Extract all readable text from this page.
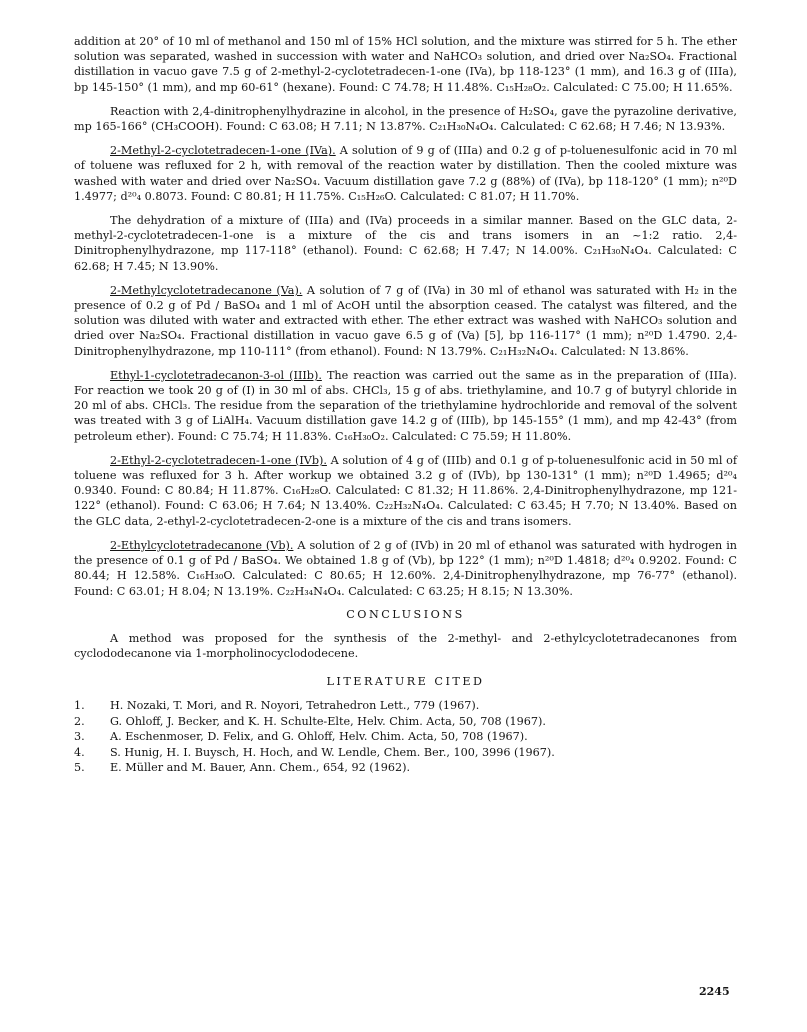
addition at 20° of 10 ml of methanol and 150 ml of 15% HCl solution, and the mixture was stirred for 5 h. The ether solution was separated, washed in succession with water and NaHCO₃ solution, and dried over Na₂SO₄. Fractional distillation in vacuo gave 7.5 g of 2-methyl-2-cyclotetradecen-1-one (IVa), bp 118-123° (1 mm), and 16.3 g of (IIIa), bp 145-150° (1 mm), and mp 60-61° (hexane). Found: C 74.78; H 11.48%. C₁₅H₂₈O₂. Calculated: C 75.00; H 11.65%.

Reaction with 2,4-dinitrophenylhydrazine in alcohol, in the presence of H₂SO₄, gave the pyrazoline derivative, mp 165-166° (CH₃COOH). Found: C 63.08; H 7.11; N 13.87%. C₂₁H₃₀N₄O₄. Calculated: C 62.68; H 7.46; N 13.93%.

2-Methyl-2-cyclotetradecen-1-one (IVa). A solution of 9 g of (IIIa) and 0.2 g of p-toluenesulfonic acid in 70 ml of toluene was refluxed for 2 h, with removal of the reaction water by distillation. Then the cooled mixture was washed with water and dried over Na₂SO₄. Vacuum distillation gave 7.2 g (88%) of (IVa), bp 118-120° (1 mm); n²⁰D 1.4977; d²⁰₄ 0.8073. Found: C 80.81; H 11.75%. C₁₅H₂₆O. Calculated: C 81.07; H 11.70%.

The dehydration of a mixture of (IIIa) and (IVa) proceeds in a similar manner. Based on the GLC data, 2-methyl-2-cyclotetradecen-1-one is a mixture of the cis and trans isomers in an ~1:2 ratio. 2,4-Dinitrophenylhydrazone, mp 117-118° (ethanol). Found: C 62.68; H 7.47; N 14.00%. C₂₁H₃₀N₄O₄. Calculated: C 62.68; H 7.45; N 13.90%.

2-Methylcyclotetradecanone (Va). A solution of 7 g of (IVa) in 30 ml of ethanol was saturated with H₂ in the presence of 0.2 g of Pd / BaSO₄ and 1 ml of AcOH until the absorption ceased. The catalyst was filtered, and the solution was diluted with water and extracted with ether. The ether extract was washed with NaHCO₃ solution and dried over Na₂SO₄. Fractional distillation in vacuo gave 6.5 g of (Va) [5], bp 116-117° (1 mm); n²⁰D 1.4790. 2,4-Dinitrophenylhydrazone, mp 110-111° (from ethanol). Found: N 13.79%. C₂₁H₃₂N₄O₄. Calculated: N 13.86%.

Ethyl-1-cyclotetradecanon-3-ol (IIIb). The reaction was carried out the same as in the preparation of (IIIa). For reaction we took 20 g of (I) in 30 ml of abs. CHCl₃, 15 g of abs. triethylamine, and 10.7 g of butyryl chloride in 20 ml of abs. CHCl₃. The residue from the separation of the triethylamine hydrochloride and removal of the solvent was treated with 3 g of LiAlH₄. Vacuum distillation gave 14.2 g of (IIIb), bp 145-155° (1 mm), and mp 42-43° (from petroleum ether). Found: C 75.74; H 11.83%. C₁₆H₃₀O₂. Calculated: C 75.59; H 11.80%.

2-Ethyl-2-cyclotetradecen-1-one (IVb). A solution of 4 g of (IIIb) and 0.1 g of p-toluenesulfonic acid in 50 ml of toluene was refluxed for 3 h. After workup we obtained 3.2 g of (IVb), bp 130-131° (1 mm); n²⁰D 1.4965; d²⁰₄ 0.9340. Found: C 80.84; H 11.87%. C₁₆H₂₈O. Calculated: C 81.32; H 11.86%. 2,4-Dinitrophenylhydrazone, mp 121-122° (ethanol). Found: C 63.06; H 7.64; N 13.40%. C₂₂H₃₂N₄O₄. Calculated: C 63.45; H 7.70; N 13.40%. Based on the GLC data, 2-ethyl-2-cyclotetradecen-2-one is a mixture of the cis and trans isomers.

2-Ethylcyclotetradecanone (Vb). A solution of 2 g of (IVb) in 20 ml of ethanol was saturated with hydrogen in the presence of 0.1 g of Pd / BaSO₄. We obtained 1.8 g of (Vb), bp 122° (1 mm); n²⁰D 1.4818; d²⁰₄ 0.9202. Found: C 80.44; H 12.58%. C₁₆H₃₀O. Calculated: C 80.65; H 12.60%. 2,4-Dinitrophenylhydrazone, mp 76-77° (ethanol). Found: C 63.01; H 8.04; N 13.19%. C₂₂H₃₄N₄O₄. Calculated: C 63.25; H 8.15; N 13.30%.

CONCLUSIONS

A method was proposed for the synthesis of the 2-methyl- and 2-ethylcyclotetradecanones from cyclododecanone via 1-morpholinocyclododecene.

LITERATURE CITED
1.	H. Nozaki, T. Mori, and R. Noyori, Tetrahedron Lett., 779 (1967).
2.	G. Ohloff, J. Becker, and K. H. Schulte-Elte, Helv. Chim. Acta, 50, 708 (1967).
3.	A. Eschenmoser, D. Felix, and G. Ohloff, Helv. Chim. Acta, 50, 708 (1967).
4.	S. Hunig, H. I. Buysch, H. Hoch, and W. Lendle, Chem. Ber., 100, 3996 (1967).
5.	E. Müller and M. Bauer, Ann. Chem., 654, 92 (1962).
2245
